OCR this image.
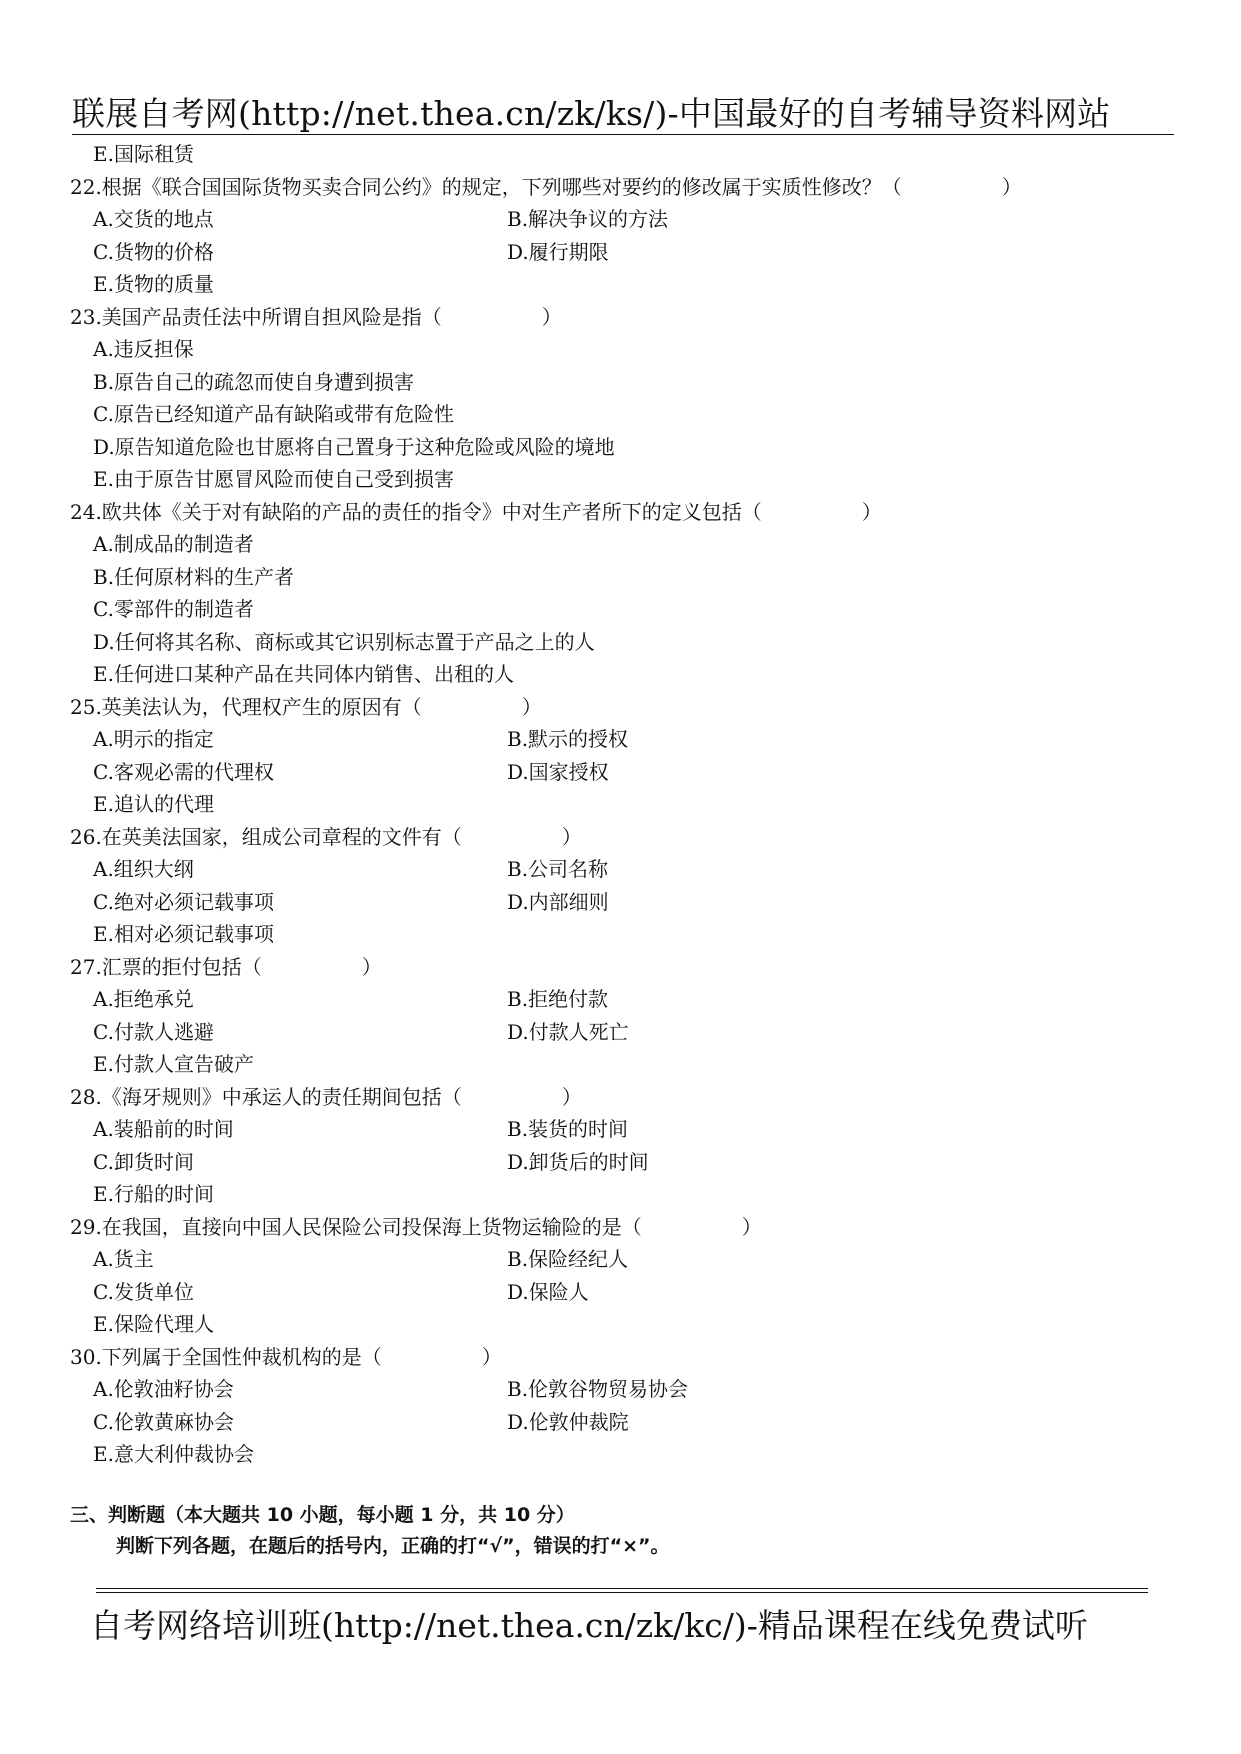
联展自考网(http://net.thea.cn/zk/ks/)-中国最好的自考辅导资料网站
E.国际租赁
22.根据《联合国国际货物买卖合同公约》的规定，下列哪些对要约的修改属于实质性修改？（　　　　　）
A.交货的地点	B.解决争议的方法
C.货物的价格	D.履行期限
E.货物的质量
23.美国产品责任法中所谓自担风险是指（　　　　　）
A.违反担保
B.原告自己的疏忽而使自身遭到损害
C.原告已经知道产品有缺陷或带有危险性
D.原告知道危险也甘愿将自己置身于这种危险或风险的境地
E.由于原告甘愿冒风险而使自己受到损害
24.欧共体《关于对有缺陷的产品的责任的指令》中对生产者所下的定义包括（　　　　　）
A.制成品的制造者
B.任何原材料的生产者
C.零部件的制造者
D.任何将其名称、商标或其它识别标志置于产品之上的人
E.任何进口某种产品在共同体内销售、出租的人
25.英美法认为，代理权产生的原因有（　　　　　）
A.明示的指定	B.默示的授权
C.客观必需的代理权	D.国家授权
E.追认的代理
26.在英美法国家，组成公司章程的文件有（　　　　　）
A.组织大纲	B.公司名称
C.绝对必须记载事项	D.内部细则
E.相对必须记载事项
27.汇票的拒付包括（　　　　　）
A.拒绝承兑	B.拒绝付款
C.付款人逃避	D.付款人死亡
E.付款人宣告破产
28.《海牙规则》中承运人的责任期间包括（　　　　　）
A.装船前的时间	B.装货的时间
C.卸货时间	D.卸货后的时间
E.行船的时间
29.在我国，直接向中国人民保险公司投保海上货物运输险的是（　　　　　）
A.货主	B.保险经纪人
C.发货单位	D.保险人
E.保险代理人
30.下列属于全国性仲裁机构的是（　　　　　）
A.伦敦油籽协会	B.伦敦谷物贸易协会
C.伦敦黄麻协会	D.伦敦仲裁院
E.意大利仲裁协会
三、判断题（本大题共 10 小题，每小题 1 分，共 10 分）
判断下列各题，在题后的括号内，正确的打“√”，错误的打“×”。
自考网络培训班(http://net.thea.cn/zk/kc/)-精品课程在线免费试听
